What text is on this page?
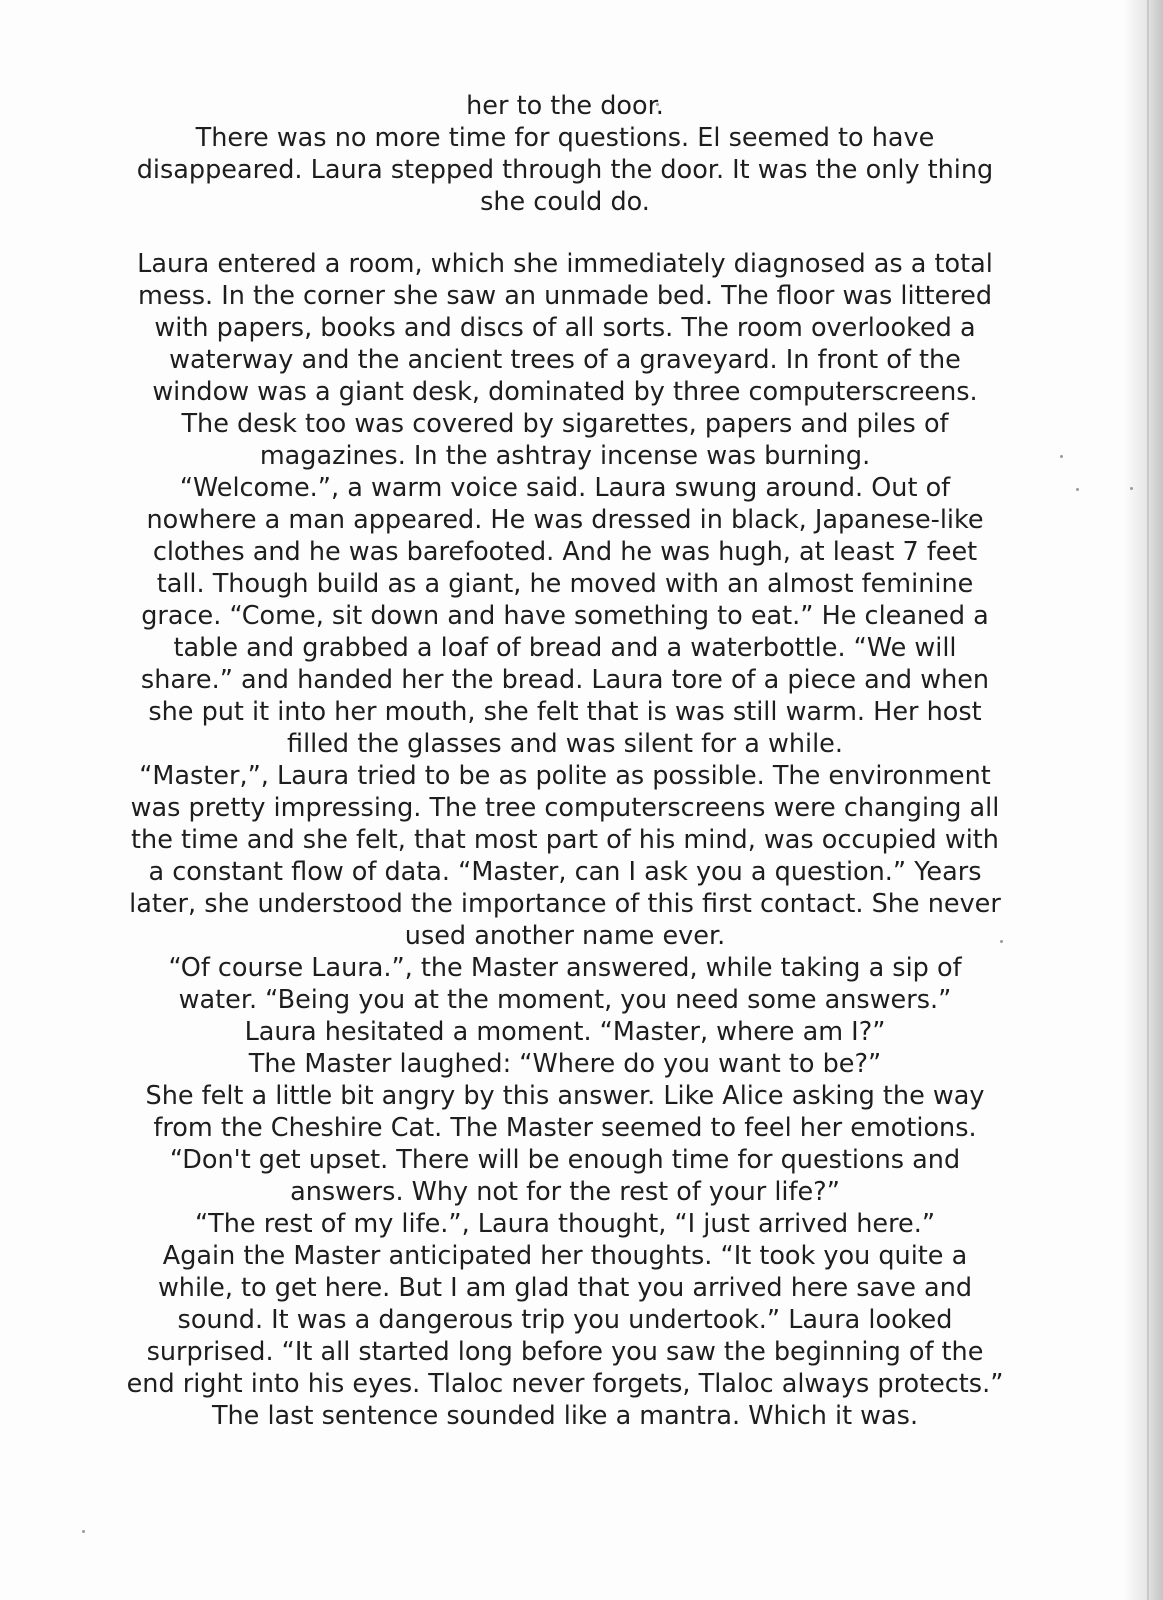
her to the door.
There was no more time for questions. El seemed to have
disappeared. Laura stepped through the door. It was the only thing
she could do.
Laura entered a room, which she immediately diagnosed as a total
mess. In the corner she saw an unmade bed. The floor was littered
with papers, books and discs of all sorts. The room overlooked a
waterway and the ancient trees of a graveyard. In front of the
window was a giant desk, dominated by three computerscreens.
The desk too was covered by sigarettes, papers and piles of
magazines. In the ashtray incense was burning.
“Welcome.”, a warm voice said. Laura swung around. Out of
nowhere a man appeared. He was dressed in black, Japanese-like
clothes and he was barefooted. And he was hugh, at least 7 feet
tall. Though build as a giant, he moved with an almost feminine
grace. “Come, sit down and have something to eat.” He cleaned a
table and grabbed a loaf of bread and a waterbottle. “We will
share.” and handed her the bread. Laura tore of a piece and when
she put it into her mouth, she felt that is was still warm. Her host
filled the glasses and was silent for a while.
“Master,”, Laura tried to be as polite as possible. The environment
was pretty impressing. The tree computerscreens were changing all
the time and she felt, that most part of his mind, was occupied with
a constant flow of data. “Master, can I ask you a question.” Years
later, she understood the importance of this first contact. She never
used another name ever.
“Of course Laura.”, the Master answered, while taking a sip of
water. “Being you at the moment, you need some answers.”
Laura hesitated a moment. “Master, where am I?”
The Master laughed: “Where do you want to be?”
She felt a little bit angry by this answer. Like Alice asking the way
from the Cheshire Cat. The Master seemed to feel her emotions.
“Don't get upset. There will be enough time for questions and
answers. Why not for the rest of your life?”
“The rest of my life.”, Laura thought, “I just arrived here.”
Again the Master anticipated her thoughts. “It took you quite a
while, to get here. But I am glad that you arrived here save and
sound. It was a dangerous trip you undertook.” Laura looked
surprised. “It all started long before you saw the beginning of the
end right into his eyes. Tlaloc never forgets, Tlaloc always protects.”
The last sentence sounded like a mantra. Which it was.
